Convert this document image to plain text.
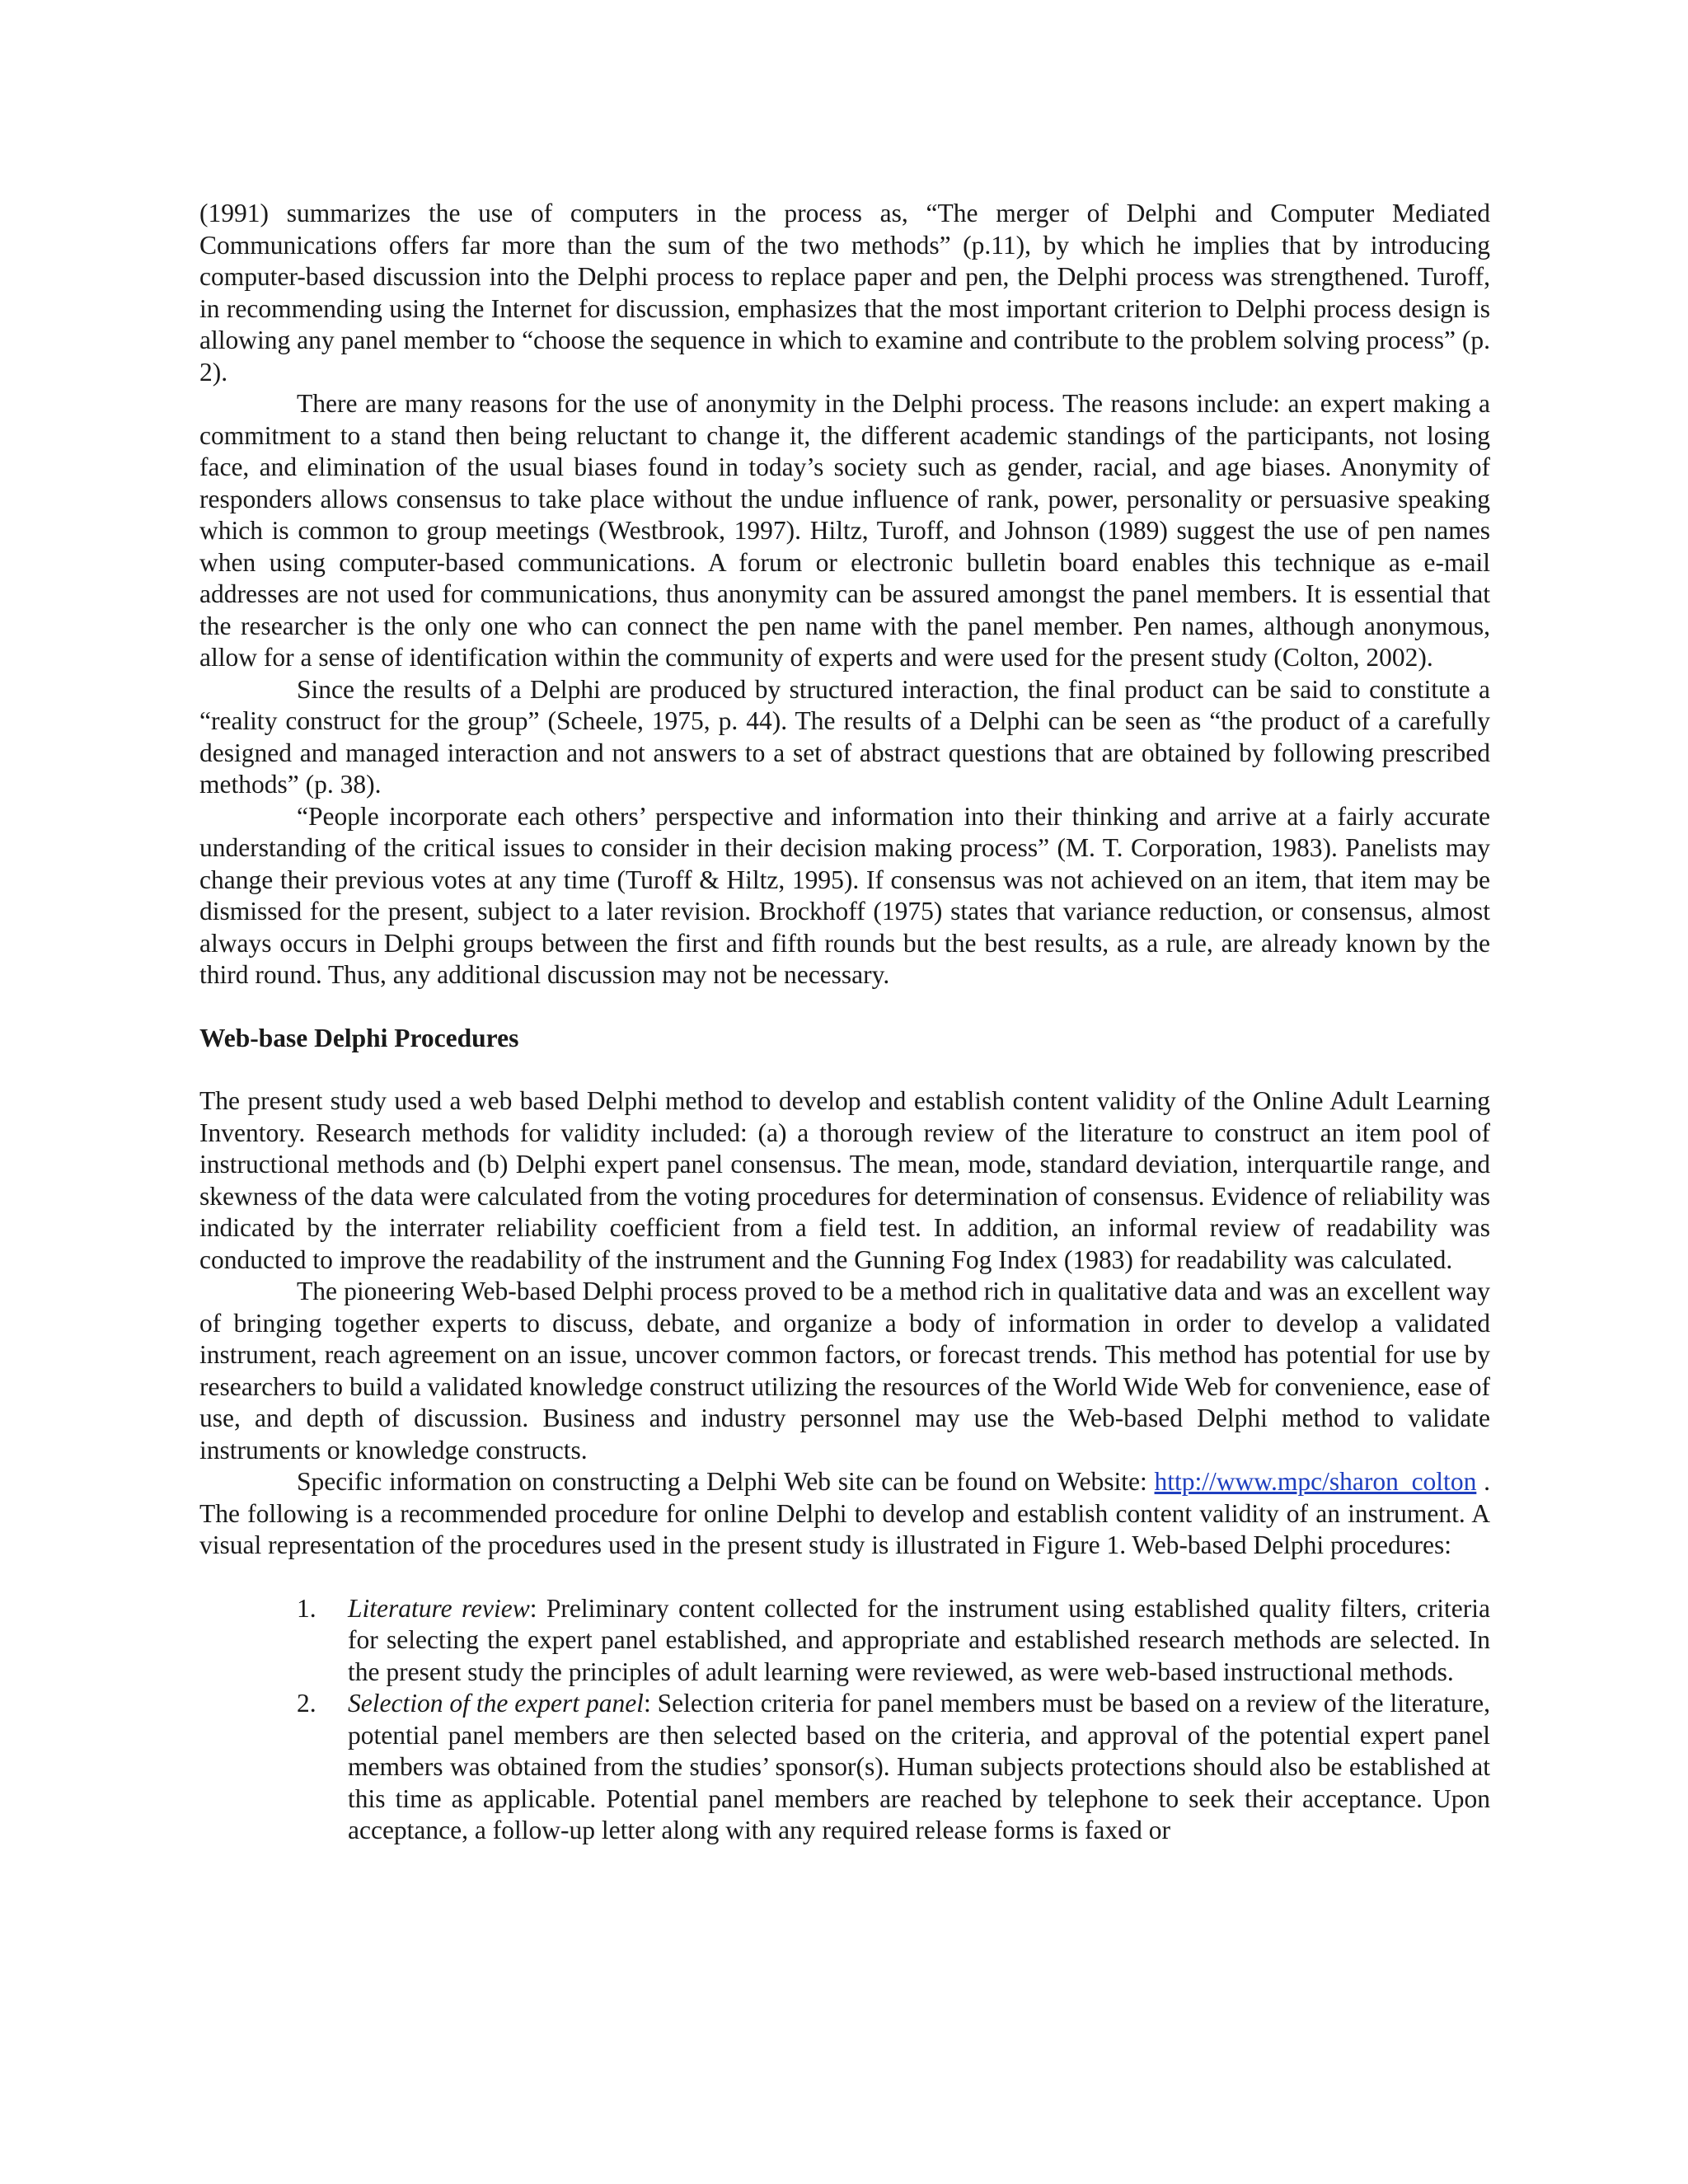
(1991) summarizes the use of computers in the process as, “The merger of Delphi and Computer Mediated Communications offers far more than the sum of the two methods” (p.11), by which he implies that by introducing computer-based discussion into the Delphi process to replace paper and pen, the Delphi process was strengthened. Turoff, in recommending using the Internet for discussion, emphasizes that the most important criterion to Delphi process design is allowing any panel member to “choose the sequence in which to examine and contribute to the problem solving process” (p. 2).

There are many reasons for the use of anonymity in the Delphi process. The reasons include: an expert making a commitment to a stand then being reluctant to change it, the different academic standings of the participants, not losing face, and elimination of the usual biases found in today’s society such as gender, racial, and age biases. Anonymity of responders allows consensus to take place without the undue influence of rank, power, personality or persuasive speaking which is common to group meetings (Westbrook, 1997). Hiltz, Turoff, and Johnson (1989) suggest the use of pen names when using computer-based communications. A forum or electronic bulletin board enables this technique as e-mail addresses are not used for communications, thus anonymity can be assured amongst the panel members. It is essential that the researcher is the only one who can connect the pen name with the panel member. Pen names, although anonymous, allow for a sense of identification within the community of experts and were used for the present study (Colton, 2002).

Since the results of a Delphi are produced by structured interaction, the final product can be said to constitute a “reality construct for the group” (Scheele, 1975, p. 44). The results of a Delphi can be seen as “the product of a carefully designed and managed interaction and not answers to a set of abstract questions that are obtained by following prescribed methods” (p. 38).

“People incorporate each others’ perspective and information into their thinking and arrive at a fairly accurate understanding of the critical issues to consider in their decision making process” (M. T. Corporation, 1983). Panelists may change their previous votes at any time (Turoff & Hiltz, 1995). If consensus was not achieved on an item, that item may be dismissed for the present, subject to a later revision. Brockhoff (1975) states that variance reduction, or consensus, almost always occurs in Delphi groups between the first and fifth rounds but the best results, as a rule, are already known by the third round. Thus, any additional discussion may not be necessary.

Web-base Delphi Procedures

The present study used a web based Delphi method to develop and establish content validity of the Online Adult Learning Inventory. Research methods for validity included: (a) a thorough review of the literature to construct an item pool of instructional methods and (b) Delphi expert panel consensus. The mean, mode, standard deviation, interquartile range, and skewness of the data were calculated from the voting procedures for determination of consensus. Evidence of reliability was indicated by the interrater reliability coefficient from a field test. In addition, an informal review of readability was conducted to improve the readability of the instrument and the Gunning Fog Index (1983) for readability was calculated.

The pioneering Web-based Delphi process proved to be a method rich in qualitative data and was an excellent way of bringing together experts to discuss, debate, and organize a body of information in order to develop a validated instrument, reach agreement on an issue, uncover common factors, or forecast trends. This method has potential for use by researchers to build a validated knowledge construct utilizing the resources of the World Wide Web for convenience, ease of use, and depth of discussion. Business and industry personnel may use the Web-based Delphi method to validate instruments or knowledge constructs.

Specific information on constructing a Delphi Web site can be found on Website: http://www.mpc/sharon_colton . The following is a recommended procedure for online Delphi to develop and establish content validity of an instrument. A visual representation of the procedures used in the present study is illustrated in Figure 1. Web-based Delphi procedures:

1. Literature review: Preliminary content collected for the instrument using established quality filters, criteria for selecting the expert panel established, and appropriate and established research methods are selected. In the present study the principles of adult learning were reviewed, as were web-based instructional methods.
2. Selection of the expert panel: Selection criteria for panel members must be based on a review of the literature, potential panel members are then selected based on the criteria, and approval of the potential expert panel members was obtained from the studies’ sponsor(s). Human subjects protections should also be established at this time as applicable. Potential panel members are reached by telephone to seek their acceptance. Upon acceptance, a follow-up letter along with any required release forms is faxed or
